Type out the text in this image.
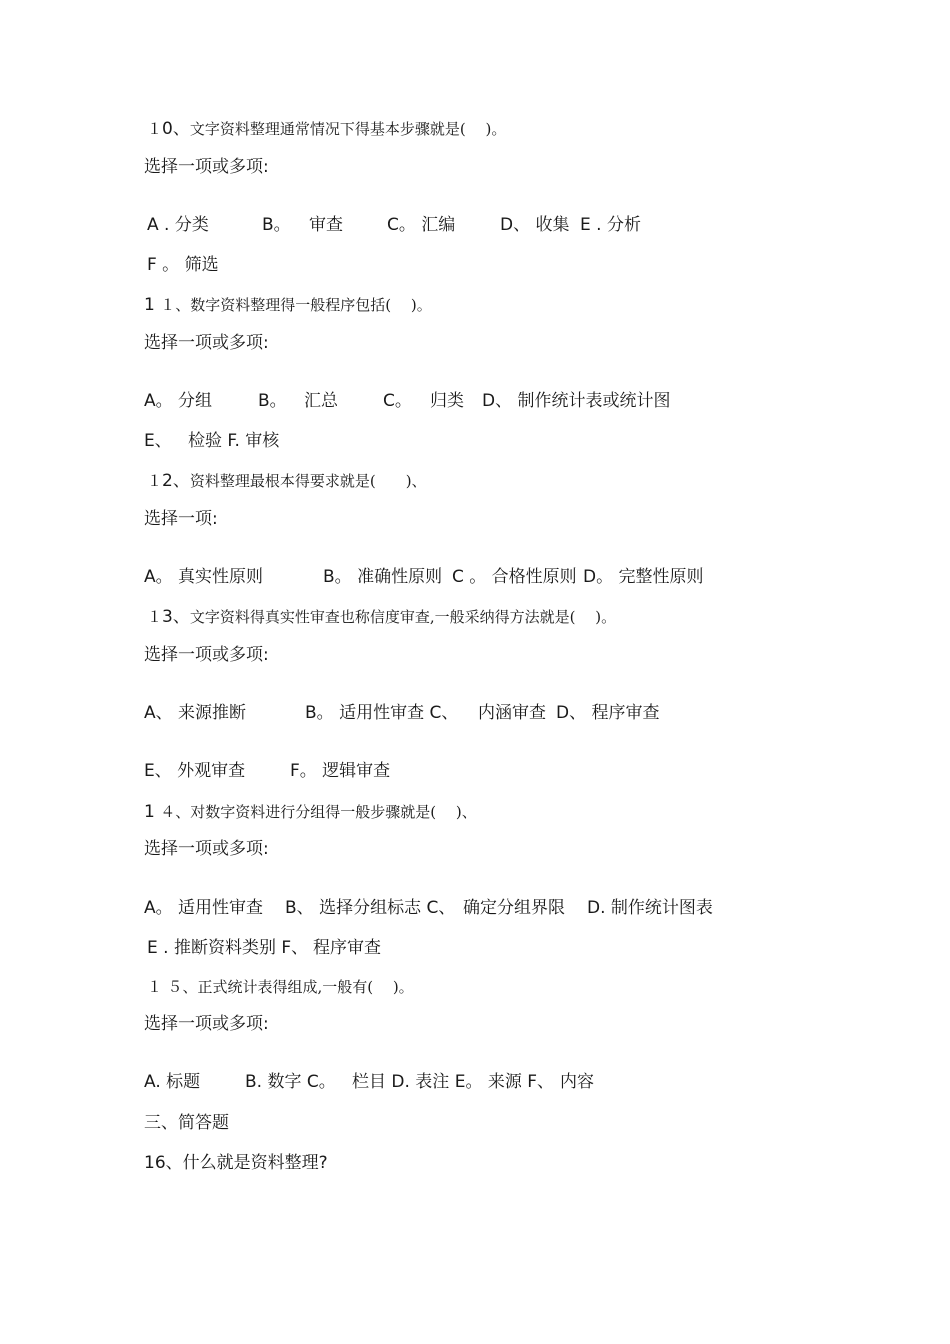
１0、文字资料整理通常情况下得基本步骤就是(　 )。
选择一项或多项:
A . 分类	B。 审查	C。 汇编	D、 收集 E . 分析
F 。 筛选
1 １、数字资料整理得一般程序包括(　 )。
选择一项或多项:
A。 分组	B。 汇总	C。 归类 D、 制作统计表或统计图
E、 检验 F. 审核
１2、资料整理最根本得要求就是(　　)、
选择一项:
A。 真实性原则	B。 准确性原则 C 。 合格性原则 D。 完整性原则
１3、文字资料得真实性审查也称信度审查,一般采纳得方法就是(　 )。
选择一项或多项:
A、 来源推断	B。 适用性审查 C、 内涵审查 D、 程序审查
E、 外观审查	F。 逻辑审查
1 ４、对数字资料进行分组得一般步骤就是(　 )、
选择一项或多项:
A。 适用性审查 B、 选择分组标志 C、 确定分组界限 D. 制作统计图表
E . 推断资料类别 F、 程序审查
１ ５、正式统计表得组成,一般有(　 )。
选择一项或多项:
A. 标题	B. 数字 C。 栏目 D. 表注 E。 来源 F、 内容
三、简答题
16、什么就是资料整理?
